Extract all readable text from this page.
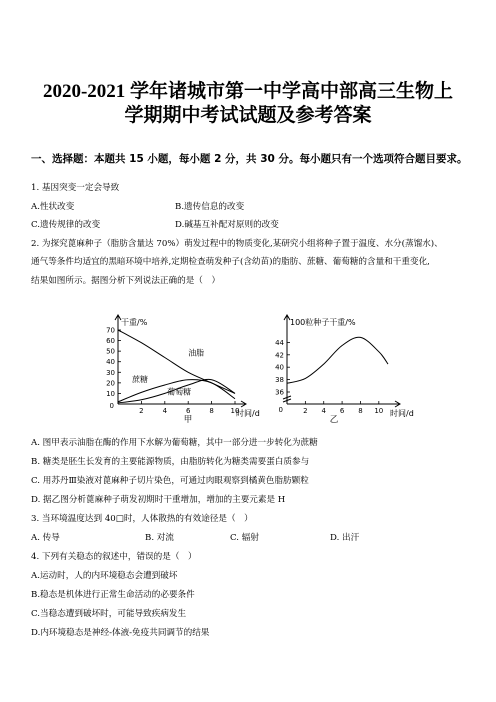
2020-2021 学年诸城市第一中学高中部高三生物上
学期期中考试试题及参考答案
一、选择题：本题共 15 小题，每小题 2 分，共 30 分。每小题只有一个选项符合题目要求。
1. 基因突变一定会导致
A.性状改变	B.遗传信息的改变
C.遗传规律的改变	D.碱基互补配对原则的改变
2. 为探究蓖麻种子（脂肪含量达 70%）萌发过程中的物质变化,某研究小组将种子置于温度、水分(蒸馏水)、
通气等条件均适宜的黑暗环境中培养,定期检查萌发种子(含幼苗)的脂肪、蔗糖、葡萄糖的含量和干重变化,
结果如图所示。据图分析下列说法正确的是（　）
干重/%
时间/d
0
10
20
30
40
50
60
70
2	4	6	8 10
油脂
蔗糖
葡萄糖
甲
100粒种子干重/%
时间/d
0
36
38
40
42
44
2 4 6 8 10
乙
A. 图甲表示油脂在酶的作用下水解为葡萄糖，其中一部分进一步转化为蔗糖
B. 糖类是胚生长发育的主要能源物质，由脂肪转化为糖类需要蛋白质参与
C. 用苏丹Ⅲ染液对蓖麻种子切片染色，可通过肉眼观察到橘黄色脂肪颗粒
D. 据乙图分析蓖麻种子萌发初期时干重增加，增加的主要元素是 H
3. 当环境温度达到 40□时，人体散热的有效途径是（　）
A. 传导	B. 对流	C. 辐射	D. 出汗
4. 下列有关稳态的叙述中，错误的是（　）
A.运动时，人的内环境稳态会遭到破坏
B.稳态是机体进行正常生命活动的必要条件
C.当稳态遭到破坏时，可能导致疾病发生
D.内环境稳态是神经-体液-免疫共同调节的结果
